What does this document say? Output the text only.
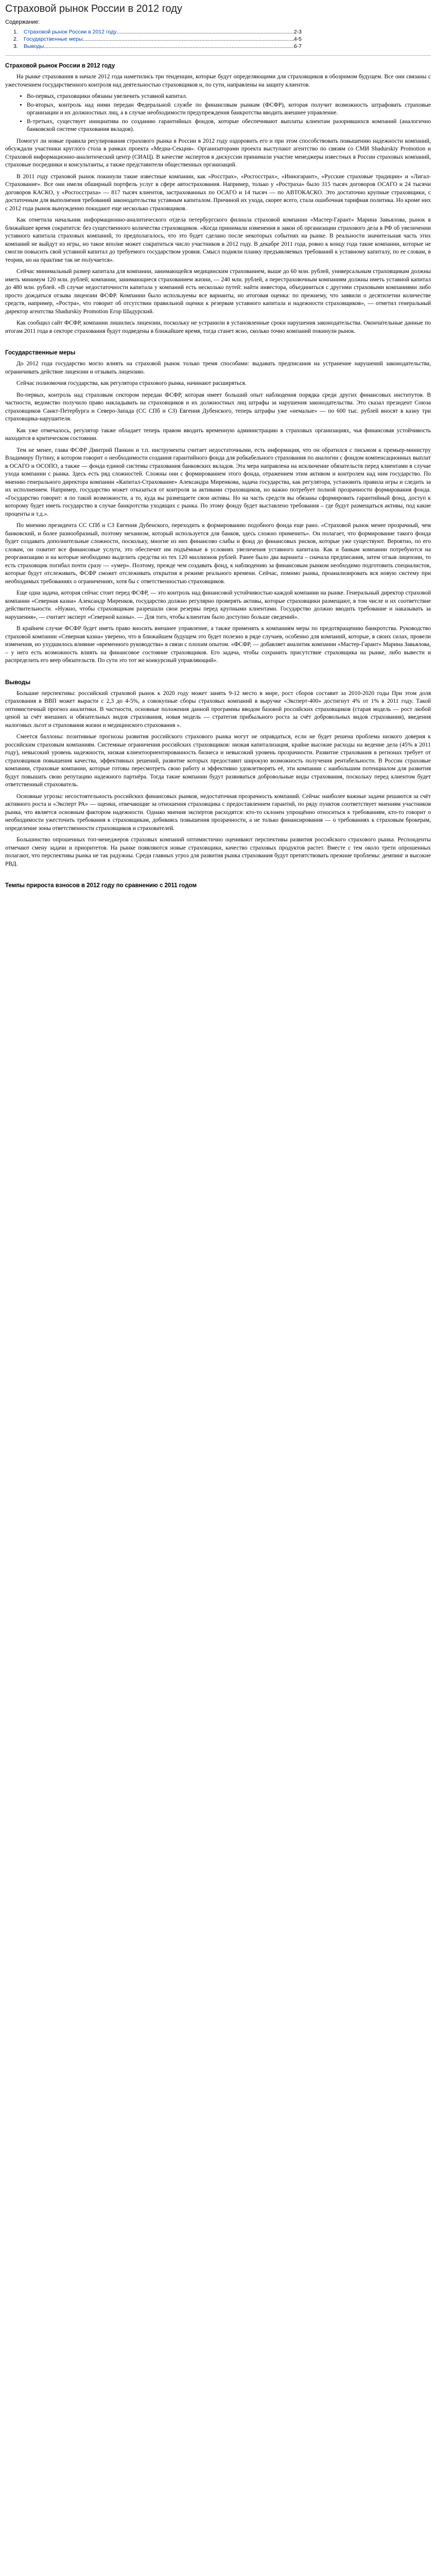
Страховой рынок России в 2012 году
Содержание:
1.	Страховой рынок России в 2012 году .....	2-3
2.	Государственные меры .....	4-5
3.	Выводы .....	6-7
Страховой рынок России в 2012 году

На рынке страхования в начале 2012 года наметились три тенденции, которые будут определяющими для страховщиков в обозримом будущем. Все они связаны с ужесточением государственного контроля над деятельностью страховщиков и, по сути, направлены на защиту клиентов.

• Во-первых, страховщики обязаны увеличить уставной капитал.
• Во-вторых, контроль над ними передан Федеральной службе по финансовым рынкам (ФСФР), которая получит возможность штрафовать страховые организации и их должностных лиц, а в случае необходимости предупреждения банкротства вводить внешнее управление.
• В-третьих, существует инициатива по созданию гарантийных фондов, которые обеспечивают выплаты клиентам разорившихся компаний (аналогично банковской системе страхования вкладов).

Помогут ли новые правила регулирования страхового рынка в России в 2012 году оздоровить его и при этом способствовать повышению надежности компаний, обсуждали участники круглого стола в рамках проекта «Медиа-Секция». Организаторами проекта выступают агентство по связям со СМИ Shadurskiy Promotion и Страховой информационно-аналитический центр (СИАЦ). В качестве экспертов в дискуссии принимали участие менеджеры известных в России страховых компаний, страховые посредники и консультанты, а также представители общественных организаций.

В 2011 году страховой рынок покинули такие известные компании, как «Росстрах», «Росгосстрах», «Инногарант», «Русские страховые традиции» и «Лигал-Страхование». Все они имели обширный портфель услуг в сфере автострахования. Например, только у «Ростраха» было 315 тысяч договоров ОСАГО и 24 тысячи договоров КАСКО, у «Росгосстраха» — 817 тысяч клиентов, застрахованных по ОСАГО и 14 тысяч — по АВТОКАСКО. Это достаточно крупные страховщики, с достаточным для выполнения требований законодательства уставным капиталом. Причиной их ухода, скорее всего, стала ошибочная тарифная политика. Но кроме них с 2012 года рынок вынужденно покидают еще несколько страховщиков.

Как отметила начальник информационно-аналитического отдела петербургского филиала страховой компании «Мастер-Гарант» Марина Завьялова, рынок в ближайшее время сократится: без существенного количества страховщиков. «Когда принимали изменения в закон об организации страхового дела в РФ об увеличении уставного капитала страховых компаний, то предполагалось, что это будет сделано после некоторых событиях на рынке. В реальности значительная часть этих компаний не выйдут из игры, но такое вполне может сократиться число участников в 2012 году. В декабре 2011 года, ровно к концу года такие компании, которые не смогли повысить свой уставной капитал до требуемого государством уровня. Смысл подняли планку предъявляемых требований к уставному капиталу, по ее словам, в теории, но на практике так не получается».

Сейчас минимальный размер капитала для компании, занимающейся медицинским страхованием, выше до 60 млн. рублей, универсальным страховщикам должны иметь минимум 120 млн. рублей; компании, занимающиеся страхованием жизни, — 240 млн. рублей, а перестраховочным компаниям должны иметь уставной капитал до 480 млн. рублей. «В случае недостаточности капитала у компаний есть несколько путей: найти инвестора, объединиться с другими страховыми компаниями либо просто дождаться отзыва лицензии ФСФР. Компании было используемы все варианты, но итоговая оценка: по прежнему, что заявили о десятилетии количестве средств, например, «Ростра», что говорит об отсутствии правильной оценки к резервам уставного капитала и надежности страховщиков», — отметил генеральный директор агентства Shadurskiy Promotion Егор Шадурский.

Как сообщил сайт ФСФР, компании лишились лицензии, поскольку не устранили в установленные сроки нарушения законодательства. Окончательные данные по итогам 2011 года в секторе страхования будут подведены в ближайшее время, тогда станет ясно, сколько точно компаний покинули рынок.

Государственные меры

До 2012 года государство могло влиять на страховой рынок только тремя способами: выдавать предписания на устранение нарушений законодательства, ограничивать действие лицензии и отзывать лицензию.

Сейчас полномочия государства, как регулятора страхового рынка, начинают расширяться.

Во-первых, контроль над страховым сектором передан ФСФР, которая имеет больший опыт наблюдения порядка среди других финансовых институтов. В частности, ведомство получило право накладывать на страховщиков и их должностных лиц штрафы за нарушения законодательства. Это сказал президент Союза страховщиков Санкт-Петербурга и Северо-Запада (СС СПб и СЗ) Евгения Дубенского, теперь штрафы уже «немалые» — по 600 тыс. рублей вносят в казну три страховщика-нарушителя.

Как уже отмечалось, регулятор также обладает теперь правом вводить временную администрацию в страховых организациях, чья финансовая устойчивость находится в критическом состоянии.

Тем не менее, глава ФСФР Дмитрий Панкин и т.п. инструменты считает недостаточными, есть информация, что он обратился с письмом к премьер-министру Владимиру Путину, в котором говорит о необходимости создания гарантийного фонда для робкабельного страхования по аналогии с фондом компенсационных выплат в ОСАГО и ОСОПО, а также — фонда единой системы страхования банковских вкладов. Эта мера направлена на исключение обязательств перед клиентами в случае ухода компании с рынка. Здесь есть ряд сложностей. Сложны они с формированием этого фонда, отражением этим активом и контролем над ним государство. По мнению генерального директора компании «Капитал-Страхование» Александра Миренкова, задача государства, как регулятора, установить правила игры и следить за их исполнением. Например, государство может отказаться от контроля за активами страховщиков, но важно потребует полной прозрачности формирования фонда. «Государство говорит: я по такой возможности, а то, куда вы размещаете свои активы. Но на часть средств вы обязаны сформировать гарантийный фонд, доступ к которому будет иметь государство в случае банкротства уходящих с рынка. По этому фонду будет выставлено требования – где будут размещаться активы, под какие проценты и т.д.».

По мнению президента СС СПб и СЗ Евгения Дубенского, переходить к формированию подобного фонда еще рано. «Страховой рынок менее прозрачный, чем банковский, и более разнообразный, поэтому механизм, который используется для банков, здесь сложно применить». Он полагает, что формирование такого фонда будет создавать дополнительные сложности, поскольку, многие из них финансово слабы и фонд до финансовых рисков, которые уже существуют. Вероятно, по его словам, он охватит все финансовые услуги, это обеспечит им подъёмные в условиях увеличения уставного капитала. Как и банкам компании потребуются на реорганизацию и на которые необходимо выделить средства из тех 120 миллионов рублей. Ранее было два варианта – сначала предписания, затем отзыв лицензии, то есть страховщик погибал почти сразу — «умер». Поэтому, прежде чем создавать фонд, к наблюдению за финансовым рынком необходимо подготовить специалистов, которые будут отслеживать, ФСФР сможет отслеживать открытия в режиме реального времени. Сейчас, помимо рынка, проанализировать вся новую систему при необходимых требованиях о ограничениях, хотя бы с ответственностью страховщиков.

Еще одна задача, которая сейчас стоит перед ФСФР, — это контроль над финансовой устойчивостью каждой компании на рынке. Генеральный директор страховой компании «Северная казна» Александр Миренков, государство должно регулярно проверять активы, которые страховщики размещают, в том числе и их соответствие действительности. «Нужно, чтобы страховщикам разрешали свои резервы перед крупными клиентами. Государство должно вводить требование и наказывать за нарушения», — считает эксперт «Северной казны». — Для того, чтобы клиентам было доступно больше сведений».

В крайнем случае ФСФР будет иметь право вносить внешнее управление, а также применять к компаниям меры по предотвращению банкротства. Руководство страховой компании «Северная казна» уверено, что в ближайшем будущем это будет полезно в ряде случаев, особенно для компаний, которые, в своих силах, провели изменения, но ухудшилось влияние «временного руководства» в связи с плохим опытом. «ФСФР, — добавляет аналитик компании «Мастер-Гарант» Марина Завьялова, – у него есть возможность влиять на финансовое состояние страховщиков. Его задача, чтобы сохранить присутствие страховщика на рынке, либо вывести и распределить его веер обязательств. По сути это тот же конкурсный управляющий».

Выводы

Большие перспективы: российский страховой рынок к 2020 году может занять 9-12 место в мире, рост сборов составит за 2010-2020 годы При этом доля страхования в ВВП может вырасти с 2,3 до 4-5%, а совокупные сборы страховых компаний в выручке «Эксперт-400» достигнут 4% от 1% в 2011 году. Такой оптимистичный прогноз аналитики. В частности, основные положения данной программы вводом базовой российских страховщиков (старая модель — рост любой ценой за счёт внешних и обязательных видов страхования, новая модель — стратегия прибыльного роста за счёт добровольных видов страхования), введения налоговых льгот и страхования жизни и медицинского страхования ».

Смеется баллоны: позитивные прогнозы развития российского страхового рынка могут не оправдаться, если не будет решена проблема низкого доверия к российским страховым компаниям. Системные ограничения российских страховщиков: низкая капитализация, крайне высокие расходы на ведение дела (45% в 2011 году), невысокий уровень надежности, низкая клиентоориентированность бизнеса и невысокий уровень прозрачности. Развитие страхования в регионах требует от страховщиков повышения качества, эффективных решений, развитие которых предоставит широкую возможность получения рентабельности. В России страховые компании, страховые компании, которые готовы пересмотреть свою работу и эффективно удовлетворять её, эти компании с наибольшим потенциалом для развития будут повышать свою репутацию надежного партнёра. Тогда такие компании будут развиваться добровольные виды страхования, поскольку перед клиентом будет ответственный страхователь.

Основные угрозы: несостоятельность российских финансовых рынков, недостаточная прозрачность компаний. Сейчас наиболее важные задачи решаются за счёт активного роста и «Эксперт РА» — оценки, отвечающие за отношения страховщика с предоставлением гарантий, по ряду пунктов соответствует мнениям участников рынка, что является основным фактором надежности. Однако мнения экспертов расходятся: кто-то склонен упрощённо относиться к требованиям, кто-то говорит о необходимости ужесточить требования к страховщикам, добиваясь повышения прозрачности, а не только финансирования — о требованиях к страховым брокерам, определение зоны ответственности страховщиков и страхователей.

Большинство опрошенных топ-менеджеров страховых компаний оптимистично оценивают перспективы развития российского страхового рынка. Респонденты отмечают смену задачи и приоритетов. На рынке появляются новые страховщики, качество страховых продуктов растет. Вместе с тем около трети опрошенных полагают, что перспективы рынка не так радужны. Среди главных угроз для развития рынка страхования будут препятствовать прежние проблемы: демпинг и высокие РВД.

Темпы прироста взносов в 2012 году по сравнению с 2011 годом
